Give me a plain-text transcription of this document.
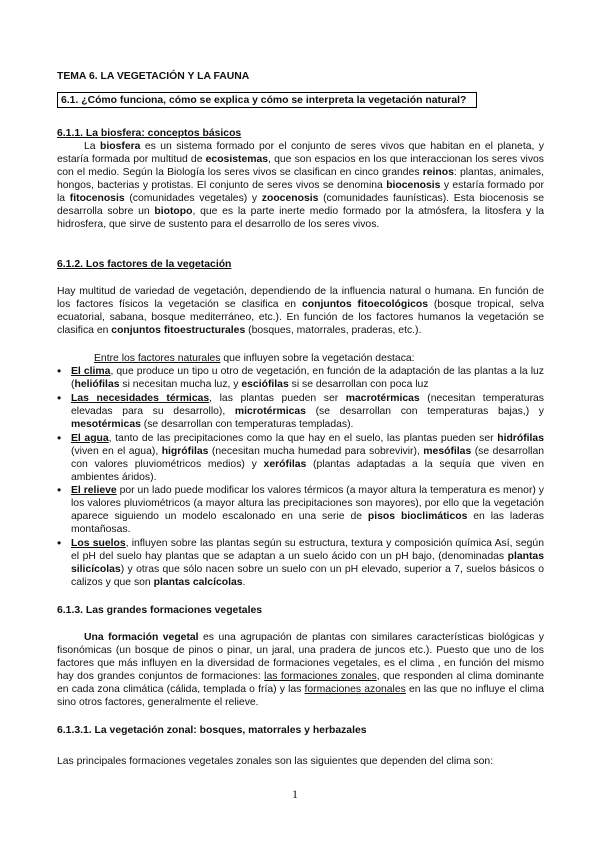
TEMA 6. LA VEGETACIÓN Y LA FAUNA
6.1. ¿Cómo funciona, cómo se explica y cómo se interpreta la vegetación natural?
6.1.1. La biosfera: conceptos básicos

La biosfera es un sistema formado por el conjunto de seres vivos que habitan en el planeta, y estaría formada por multitud de ecosistemas, que son espacios en los que interaccionan los seres vivos con el medio. Según la Biología los seres vivos se clasifican en cinco grandes reinos: plantas, animales, hongos, bacterias y protistas. El conjunto de seres vivos se denomina biocenosis y estaría formado por la fitocenosis (comunidades vegetales) y zoocenosis (comunidades faunísticas). Esta biocenosis se desarrolla sobre un biotopo, que es la parte inerte medio formado por la atmósfera, la litosfera y la hidrosfera, que sirve de sustento para el desarrollo de los seres vivos.

6.1.2. Los factores de la vegetación

Hay multitud de variedad de vegetación, dependiendo de la influencia natural o humana. En función de los factores físicos la vegetación se clasifica en conjuntos fitoecológicos (bosque tropical, selva ecuatorial, sabana, bosque mediterráneo, etc.). En función de los factores humanos la vegetación se clasifica en conjuntos fitoestructurales (bosques, matorrales, praderas, etc.).

Entre los factores naturales que influyen sobre la vegetación destaca:
• El clima, que produce un tipo u otro de vegetación, en función de la adaptación de las plantas a la luz (heliófilas si necesitan mucha luz, y esciófilas si se desarrollan con poca luz
• Las necesidades térmicas, las plantas pueden ser macrotérmicas (necesitan temperaturas elevadas para su desarrollo), microtérmicas (se desarrollan con temperaturas bajas,) y mesotérmicas (se desarrollan con temperaturas templadas).
• El agua, tanto de las precipitaciones como la que hay en el suelo, las plantas pueden ser hidrófilas (viven en el agua), higrófilas (necesitan mucha humedad para sobrevivir), mesófilas (se desarrollan con valores pluviométricos medios) y xerófilas (plantas adaptadas a la sequía que viven en ambientes áridos).
• El relieve por un lado puede modificar los valores térmicos (a mayor altura la temperatura es menor) y los valores pluviométricos (a mayor altura las precipitaciones son mayores), por ello que la vegetación aparece siguiendo un modelo escalonado en una serie de pisos bioclimáticos en las laderas montañosas.
• Los suelos, influyen sobre las plantas según su estructura, textura y composición química Así, según el pH del suelo hay plantas que se adaptan a un suelo ácido con un pH bajo, (denominadas plantas silicícolas) y otras que sólo nacen sobre un suelo con un pH elevado, superior a 7, suelos básicos o calizos y que son plantas calcícolas.
6.1.3. Las grandes formaciones vegetales

Una formación vegetal es una agrupación de plantas con similares características biológicas y fisonómicas (un bosque de pinos o pinar, un jaral, una pradera de juncos etc.). Puesto que uno de los factores que más influyen en la diversidad de formaciones vegetales, es el clima , en función del mismo hay dos grandes conjuntos de formaciones: las formaciones zonales, que responden al clima dominante en cada zona climática (cálida, templada o fría) y las formaciones azonales en las que no influye el clima sino otros factores, generalmente el relieve.

6.1.3.1. La vegetación zonal: bosques, matorrales y herbazales
Las principales formaciones vegetales zonales son las siguientes que dependen del clima son:
1
